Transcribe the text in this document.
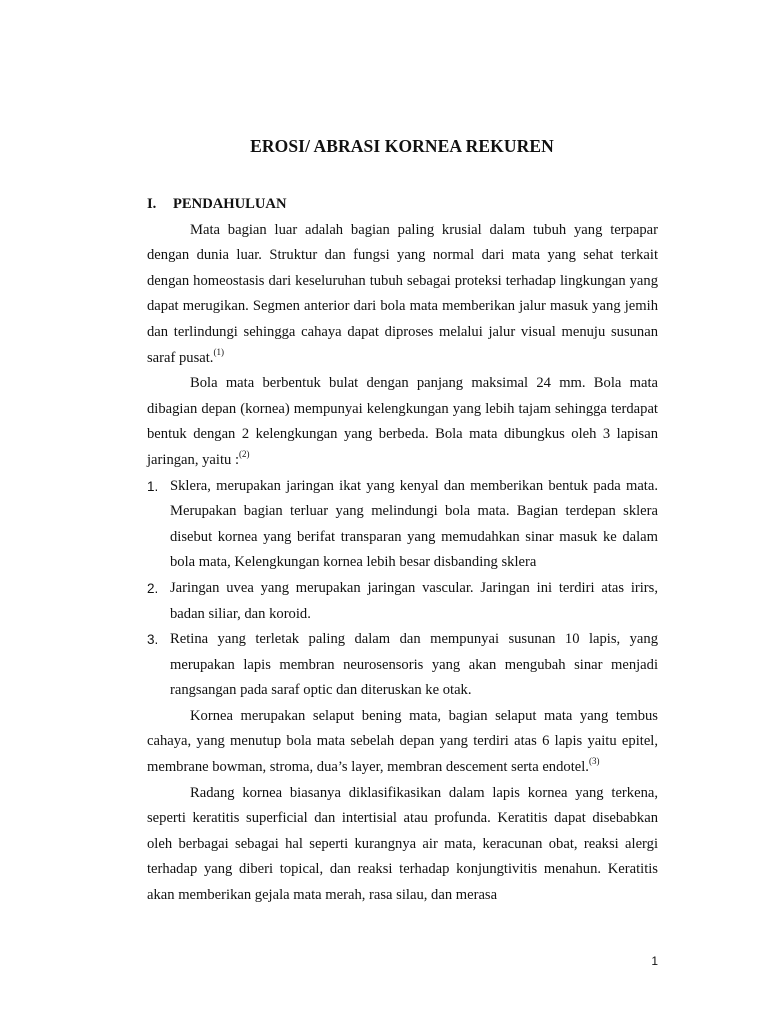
EROSI/ ABRASI KORNEA REKUREN
I.	PENDAHULUAN

Mata bagian luar adalah bagian paling krusial dalam tubuh yang terpapar dengan dunia luar. Struktur dan fungsi yang normal dari mata yang sehat terkait dengan homeostasis dari keseluruhan tubuh sebagai proteksi terhadap lingkungan yang dapat merugikan. Segmen anterior dari bola mata memberikan jalur masuk yang jemih dan terlindungi sehingga cahaya dapat diproses melalui jalur visual menuju susunan saraf pusat.$^{(1)}$

Bola mata berbentuk bulat dengan panjang maksimal 24 mm. Bola mata dibagian depan (kornea) mempunyai kelengkungan yang lebih tajam sehingga terdapat bentuk dengan 2 kelengkungan yang berbeda. Bola mata dibungkus oleh 3 lapisan jaringan, yaitu :$^{(2)}$

1. Sklera, merupakan jaringan ikat yang kenyal dan memberikan bentuk pada mata. Merupakan bagian terluar yang melindungi bola mata. Bagian terdepan sklera disebut kornea yang berifat transparan yang memudahkan sinar masuk ke dalam bola mata, Kelengkungan kornea lebih besar disbanding sklera
2. Jaringan uvea yang merupakan jaringan vascular. Jaringan ini terdiri atas irirs, badan siliar, dan koroid.
3. Retina yang terletak paling dalam dan mempunyai susunan 10 lapis, yang merupakan lapis membran neurosensoris yang akan mengubah sinar menjadi rangsangan pada saraf optic dan diteruskan ke otak.

Kornea merupakan selaput bening mata, bagian selaput mata yang tembus cahaya, yang menutup bola mata sebelah depan yang terdiri atas 6 lapis yaitu epitel, membrane bowman, stroma, dua’s layer, membran descement serta endotel.$^{(3)}$

Radang kornea biasanya diklasifikasikan dalam lapis kornea yang terkena, seperti keratitis superficial dan intertisial atau profunda. Keratitis dapat disebabkan oleh berbagai sebagai hal seperti kurangnya air mata, keracunan obat, reaksi alergi terhadap yang diberi topical, dan reaksi terhadap konjungtivitis menahun. Keratitis akan memberikan gejala mata merah, rasa silau, dan merasa

1
